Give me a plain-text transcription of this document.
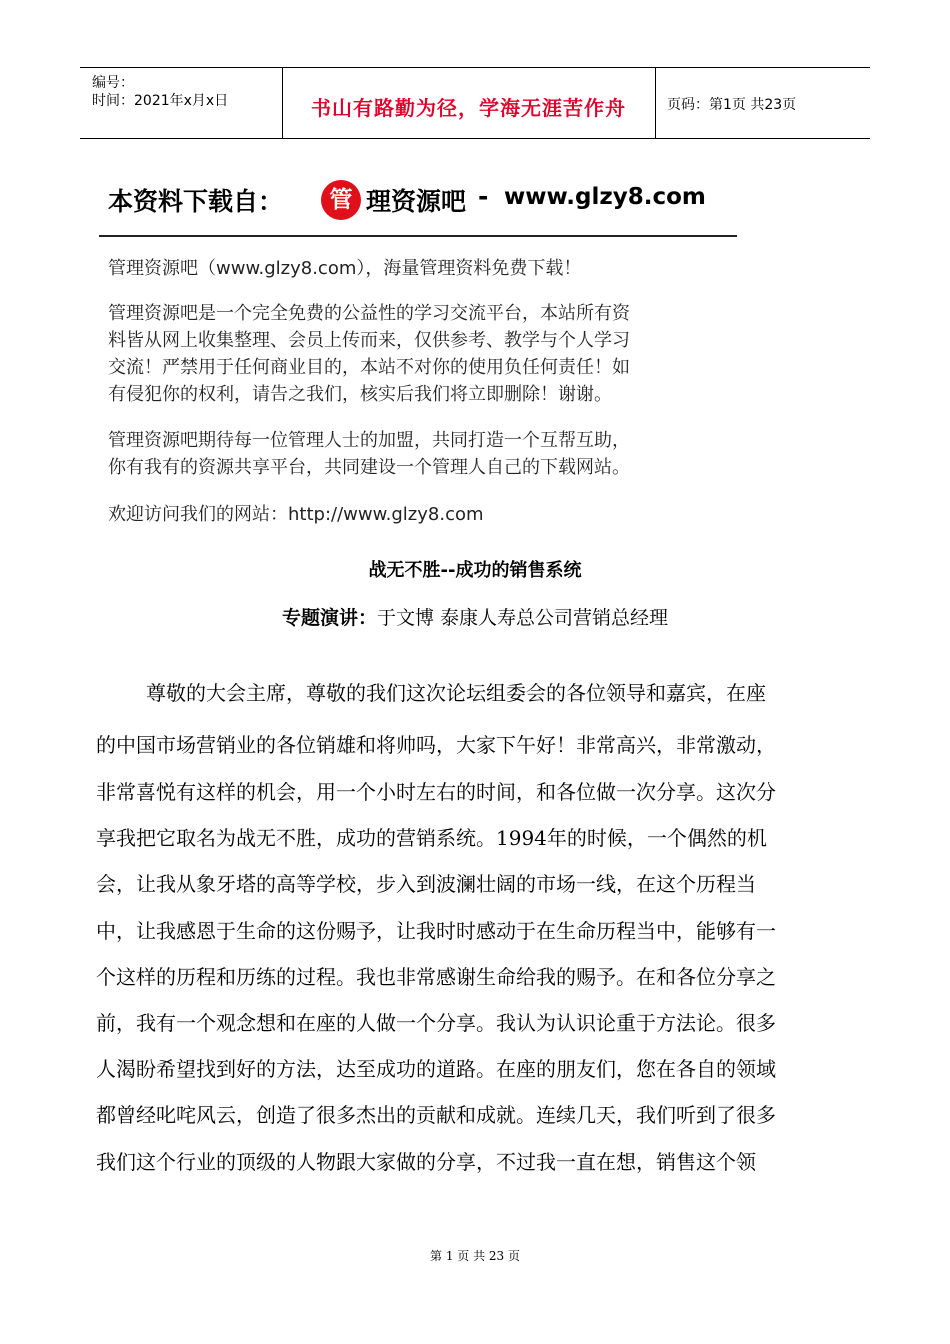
编号：
时间：2021年x月x日	书山有路勤为径，学海无涯苦作舟	页码：第1页 共23页
本资料下载自：	管 理资源吧 - www.glzy8.com
管理资源吧（www.glzy8.com），海量管理资料免费下载！
管理资源吧是一个完全免费的公益性的学习交流平台，本站所有资
料皆从网上收集整理、会员上传而来，仅供参考、教学与个人学习
交流！严禁用于任何商业目的，本站不对你的使用负任何责任！如
有侵犯你的权利，请告之我们，核实后我们将立即删除！谢谢。
管理资源吧期待每一位管理人士的加盟，共同打造一个互帮互助，
你有我有的资源共享平台，共同建设一个管理人自己的下载网站。
欢迎访问我们的网站：http://www.glzy8.com
战无不胜--成功的销售系统
专题演讲：于文博 泰康人寿总公司营销总经理
尊敬的大会主席，尊敬的我们这次论坛组委会的各位领导和嘉宾，在座
的中国市场营销业的各位销雄和将帅吗，大家下午好！非常高兴，非常激动，
非常喜悦有这样的机会，用一个小时左右的时间，和各位做一次分享。这次分
享我把它取名为战无不胜，成功的营销系统。1994年的时候，一个偶然的机
会，让我从象牙塔的高等学校，步入到波澜壮阔的市场一线，在这个历程当
中，让我感恩于生命的这份赐予，让我时时感动于在生命历程当中，能够有一
个这样的历程和历练的过程。我也非常感谢生命给我的赐予。在和各位分享之
前，我有一个观念想和在座的人做一个分享。我认为认识论重于方法论。很多
人渴盼希望找到好的方法，达至成功的道路。在座的朋友们，您在各自的领域
都曾经叱咤风云，创造了很多杰出的贡献和成就。连续几天，我们听到了很多
我们这个行业的顶级的人物跟大家做的分享，不过我一直在想，销售这个领
第 1 页 共 23 页
